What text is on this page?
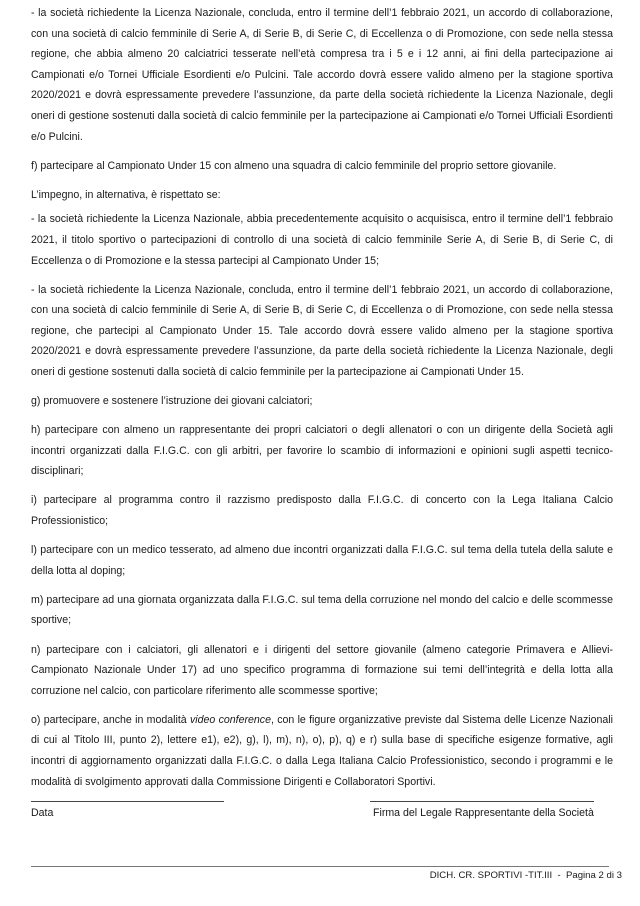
- la società richiedente la Licenza Nazionale, concluda, entro il termine dell’1 febbraio 2021, un accordo di collaborazione, con una società di calcio femminile di Serie A, di Serie B, di Serie C, di Eccellenza o di Promozione, con sede nella stessa regione, che abbia almeno 20 calciatrici tesserate nell’età compresa tra i 5 e i 12 anni, ai fini della partecipazione ai Campionati e/o Tornei Ufficiale Esordienti e/o Pulcini. Tale accordo dovrà essere valido almeno per la stagione sportiva 2020/2021 e dovrà espressamente prevedere l’assunzione, da parte della società richiedente la Licenza Nazionale, degli oneri di gestione sostenuti dalla società di calcio femminile per la partecipazione ai Campionati e/o Tornei Ufficiali Esordienti e/o Pulcini.

f) partecipare al Campionato Under 15 con almeno una squadra di calcio femminile del proprio settore giovanile.

L’impegno, in alternativa, è rispettato se:

- la società richiedente la Licenza Nazionale, abbia precedentemente acquisito o acquisisca, entro il termine dell’1 febbraio 2021, il titolo sportivo o partecipazioni di controllo di una società di calcio femminile Serie A, di Serie B, di Serie C, di Eccellenza o di Promozione e la stessa partecipi al Campionato Under 15;

- la società richiedente la Licenza Nazionale, concluda, entro il termine dell’1 febbraio 2021, un accordo di collaborazione, con una società di calcio femminile di Serie A, di Serie B, di Serie C, di Eccellenza o di Promozione, con sede nella stessa regione, che partecipi al Campionato Under 15. Tale accordo dovrà essere valido almeno per la stagione sportiva 2020/2021 e dovrà espressamente prevedere l’assunzione, da parte della società richiedente la Licenza Nazionale, degli oneri di gestione sostenuti dalla società di calcio femminile per la partecipazione ai Campionati Under 15.

g) promuovere e sostenere l’istruzione dei giovani calciatori;

h) partecipare con almeno un rappresentante dei propri calciatori o degli allenatori o con un dirigente della Società agli incontri organizzati dalla F.I.G.C. con gli arbitri, per favorire lo scambio di informazioni e opinioni sugli aspetti tecnico-disciplinari;

i) partecipare al programma contro il razzismo predisposto dalla F.I.G.C. di concerto con la Lega Italiana Calcio Professionistico;

l) partecipare con un medico tesserato, ad almeno due incontri organizzati dalla F.I.G.C. sul tema della tutela della salute e della lotta al doping;

m) partecipare ad una giornata organizzata dalla F.I.G.C. sul tema della corruzione nel mondo del calcio e delle scommesse sportive;

n) partecipare con i calciatori, gli allenatori e i dirigenti del settore giovanile (almeno categorie Primavera e Allievi-Campionato Nazionale Under 17) ad uno specifico programma di formazione sui temi dell’integrità e della lotta alla corruzione nel calcio, con particolare riferimento alle scommesse sportive;

o) partecipare, anche in modalità video conference, con le figure organizzative previste dal Sistema delle Licenze Nazionali di cui al Titolo III, punto 2), lettere e1), e2), g), l), m), n), o), p), q) e r) sulla base di specifiche esigenze formative, agli incontri di aggiornamento organizzati dalla F.I.G.C. o dalla Lega Italiana Calcio Professionistico, secondo i programmi e le modalità di svolgimento approvati dalla Commissione Dirigenti e Collaboratori Sportivi.

Data	Firma del Legale Rappresentante della Società
DICH. CR. SPORTIVI -TIT.III  -  Pagina 2 di 3
